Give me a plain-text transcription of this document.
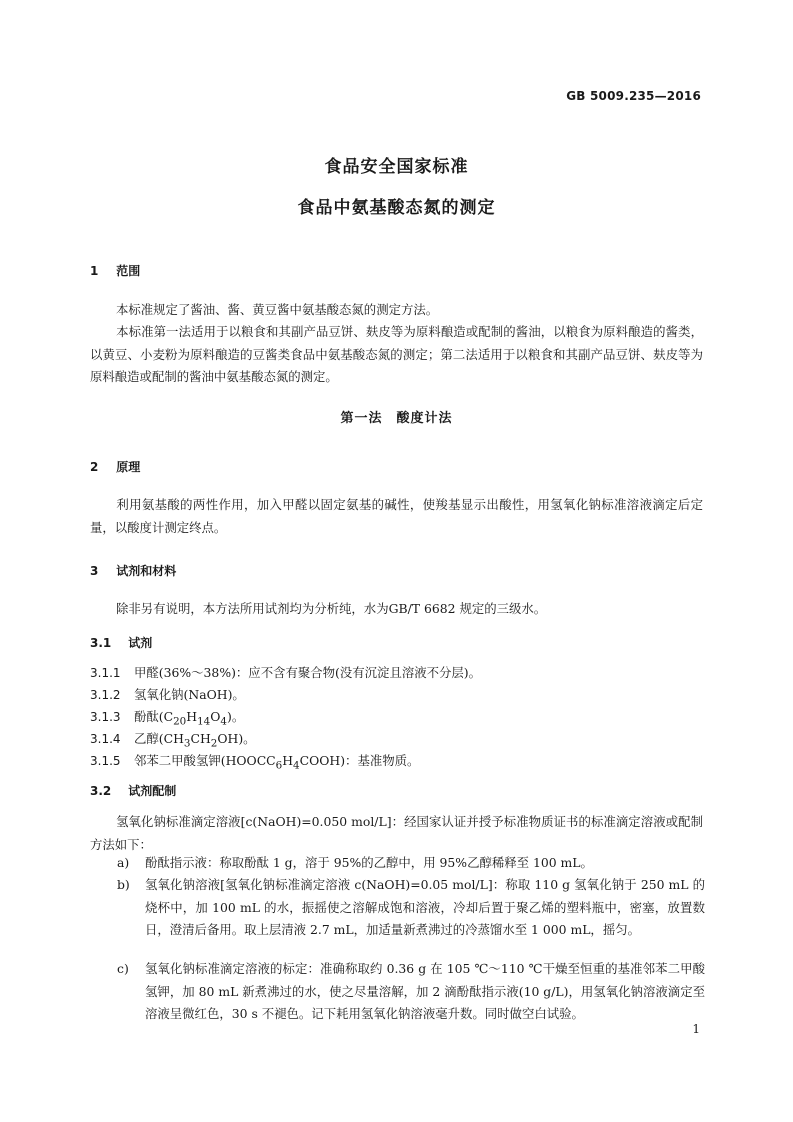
GB 5009.235—2016
食品安全国家标准
食品中氨基酸态氮的测定
1 范围
本标准规定了酱油、酱、黄豆酱中氨基酸态氮的测定方法。
本标准第一法适用于以粮食和其副产品豆饼、麸皮等为原料酿造或配制的酱油，以粮食为原料酿造的酱类，以黄豆、小麦粉为原料酿造的豆酱类食品中氨基酸态氮的测定；第二法适用于以粮食和其副产品豆饼、麸皮等为原料酿造或配制的酱油中氨基酸态氮的测定。
第一法　酸度计法
2 原理
利用氨基酸的两性作用，加入甲醛以固定氨基的碱性，使羧基显示出酸性，用氢氧化钠标准溶液滴定后定量，以酸度计测定终点。
3 试剂和材料
除非另有说明，本方法所用试剂均为分析纯，水为GB/T 6682 规定的三级水。
3.1 试剂
3.1.1 甲醛(36%～38%)：应不含有聚合物(没有沉淀且溶液不分层)。
3.1.2 氢氧化钠(NaOH)。
3.1.3 酚酞$(C_{20}H_{14}O_4)$。
3.1.4 乙醇$(CH_3CH_2OH)$。
3.1.5 邻苯二甲酸氢钾$(HOOCC_6H_4COOH)$：基准物质。
3.2 试剂配制
氢氧化钠标准滴定溶液[c(NaOH)=0.050 mol/L]：经国家认证并授予标准物质证书的标准滴定溶液或配制方法如下：
a)	酚酞指示液：称取酚酞 1 g，溶于 95%的乙醇中，用 95%乙醇稀释至 100 mL。
b)	氢氧化钠溶液[氢氧化钠标准滴定溶液 c(NaOH)=0.05 mol/L]：称取 110 g 氢氧化钠于 250 mL 的烧杯中，加 100 mL 的水，振摇使之溶解成饱和溶液，冷却后置于聚乙烯的塑料瓶中，密塞，放置数日，澄清后备用。取上层清液 2.7 mL，加适量新煮沸过的冷蒸馏水至 1 000 mL，摇匀。
c)	氢氧化钠标准滴定溶液的标定：准确称取约 0.36 g 在 105 ℃～110 ℃干燥至恒重的基准邻苯二甲酸氢钾，加 80 mL 新煮沸过的水，使之尽量溶解，加 2 滴酚酞指示液(10 g/L)，用氢氧化钠溶液滴定至溶液呈微红色，30 s 不褪色。记下耗用氢氧化钠溶液毫升数。同时做空白试验。
1
